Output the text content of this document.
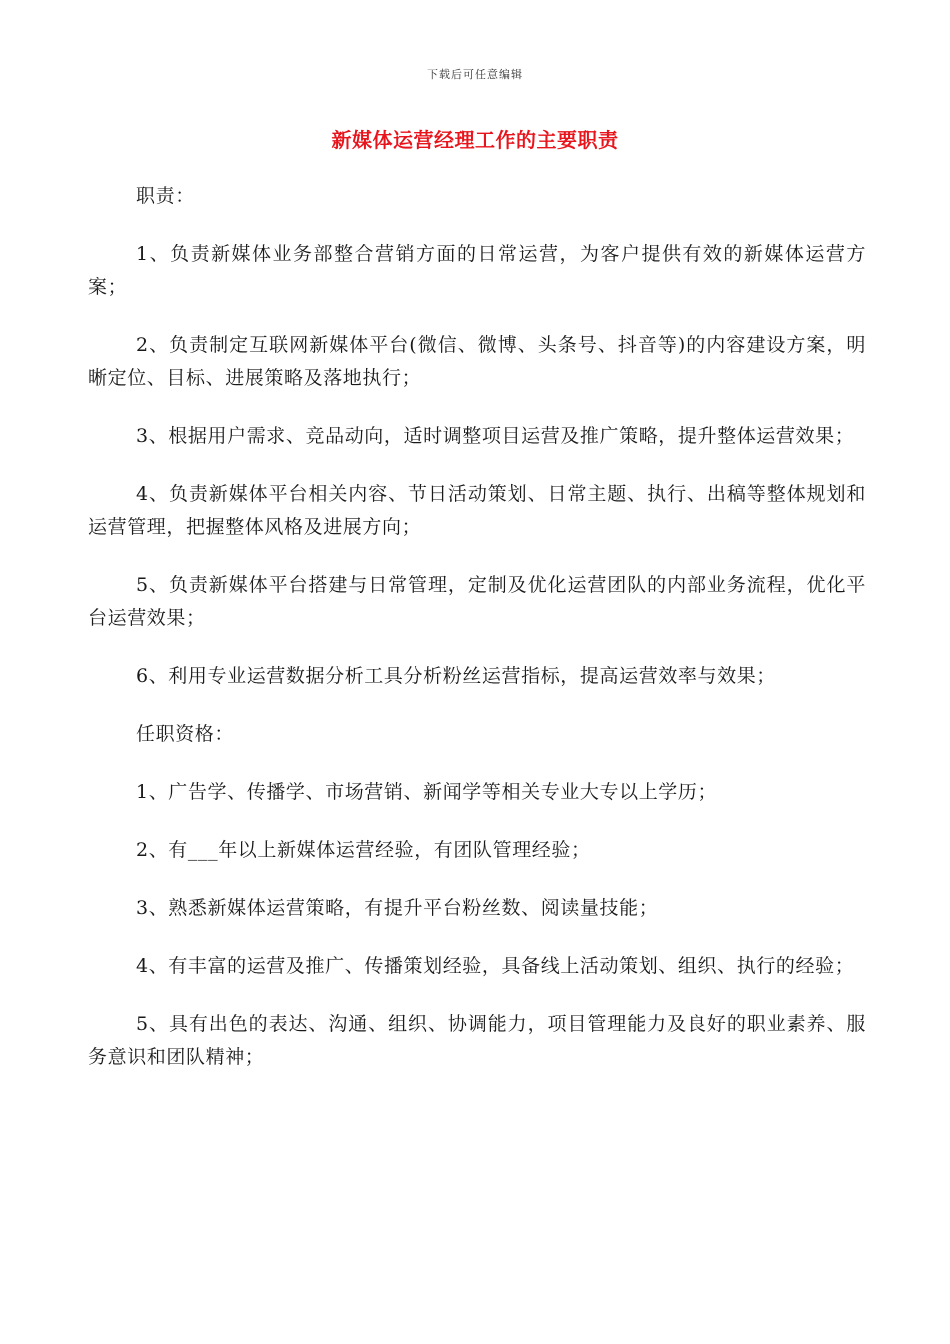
下载后可任意编辑
新媒体运营经理工作的主要职责

职责：

1、负责新媒体业务部整合营销方面的日常运营，为客户提供有效的新媒体运营方案；

2、负责制定互联网新媒体平台(微信、微博、头条号、抖音等)的内容建设方案，明晰定位、目标、进展策略及落地执行；

3、根据用户需求、竞品动向，适时调整项目运营及推广策略，提升整体运营效果；

4、负责新媒体平台相关内容、节日活动策划、日常主题、执行、出稿等整体规划和运营管理，把握整体风格及进展方向；

5、负责新媒体平台搭建与日常管理，定制及优化运营团队的内部业务流程，优化平台运营效果；

6、利用专业运营数据分析工具分析粉丝运营指标，提高运营效率与效果；

任职资格：

1、广告学、传播学、市场营销、新闻学等相关专业大专以上学历；

2、有___年以上新媒体运营经验，有团队管理经验；

3、熟悉新媒体运营策略，有提升平台粉丝数、阅读量技能；

4、有丰富的运营及推广、传播策划经验，具备线上活动策划、组织、执行的经验；

5、具有出色的表达、沟通、组织、协调能力，项目管理能力及良好的职业素养、服务意识和团队精神；
